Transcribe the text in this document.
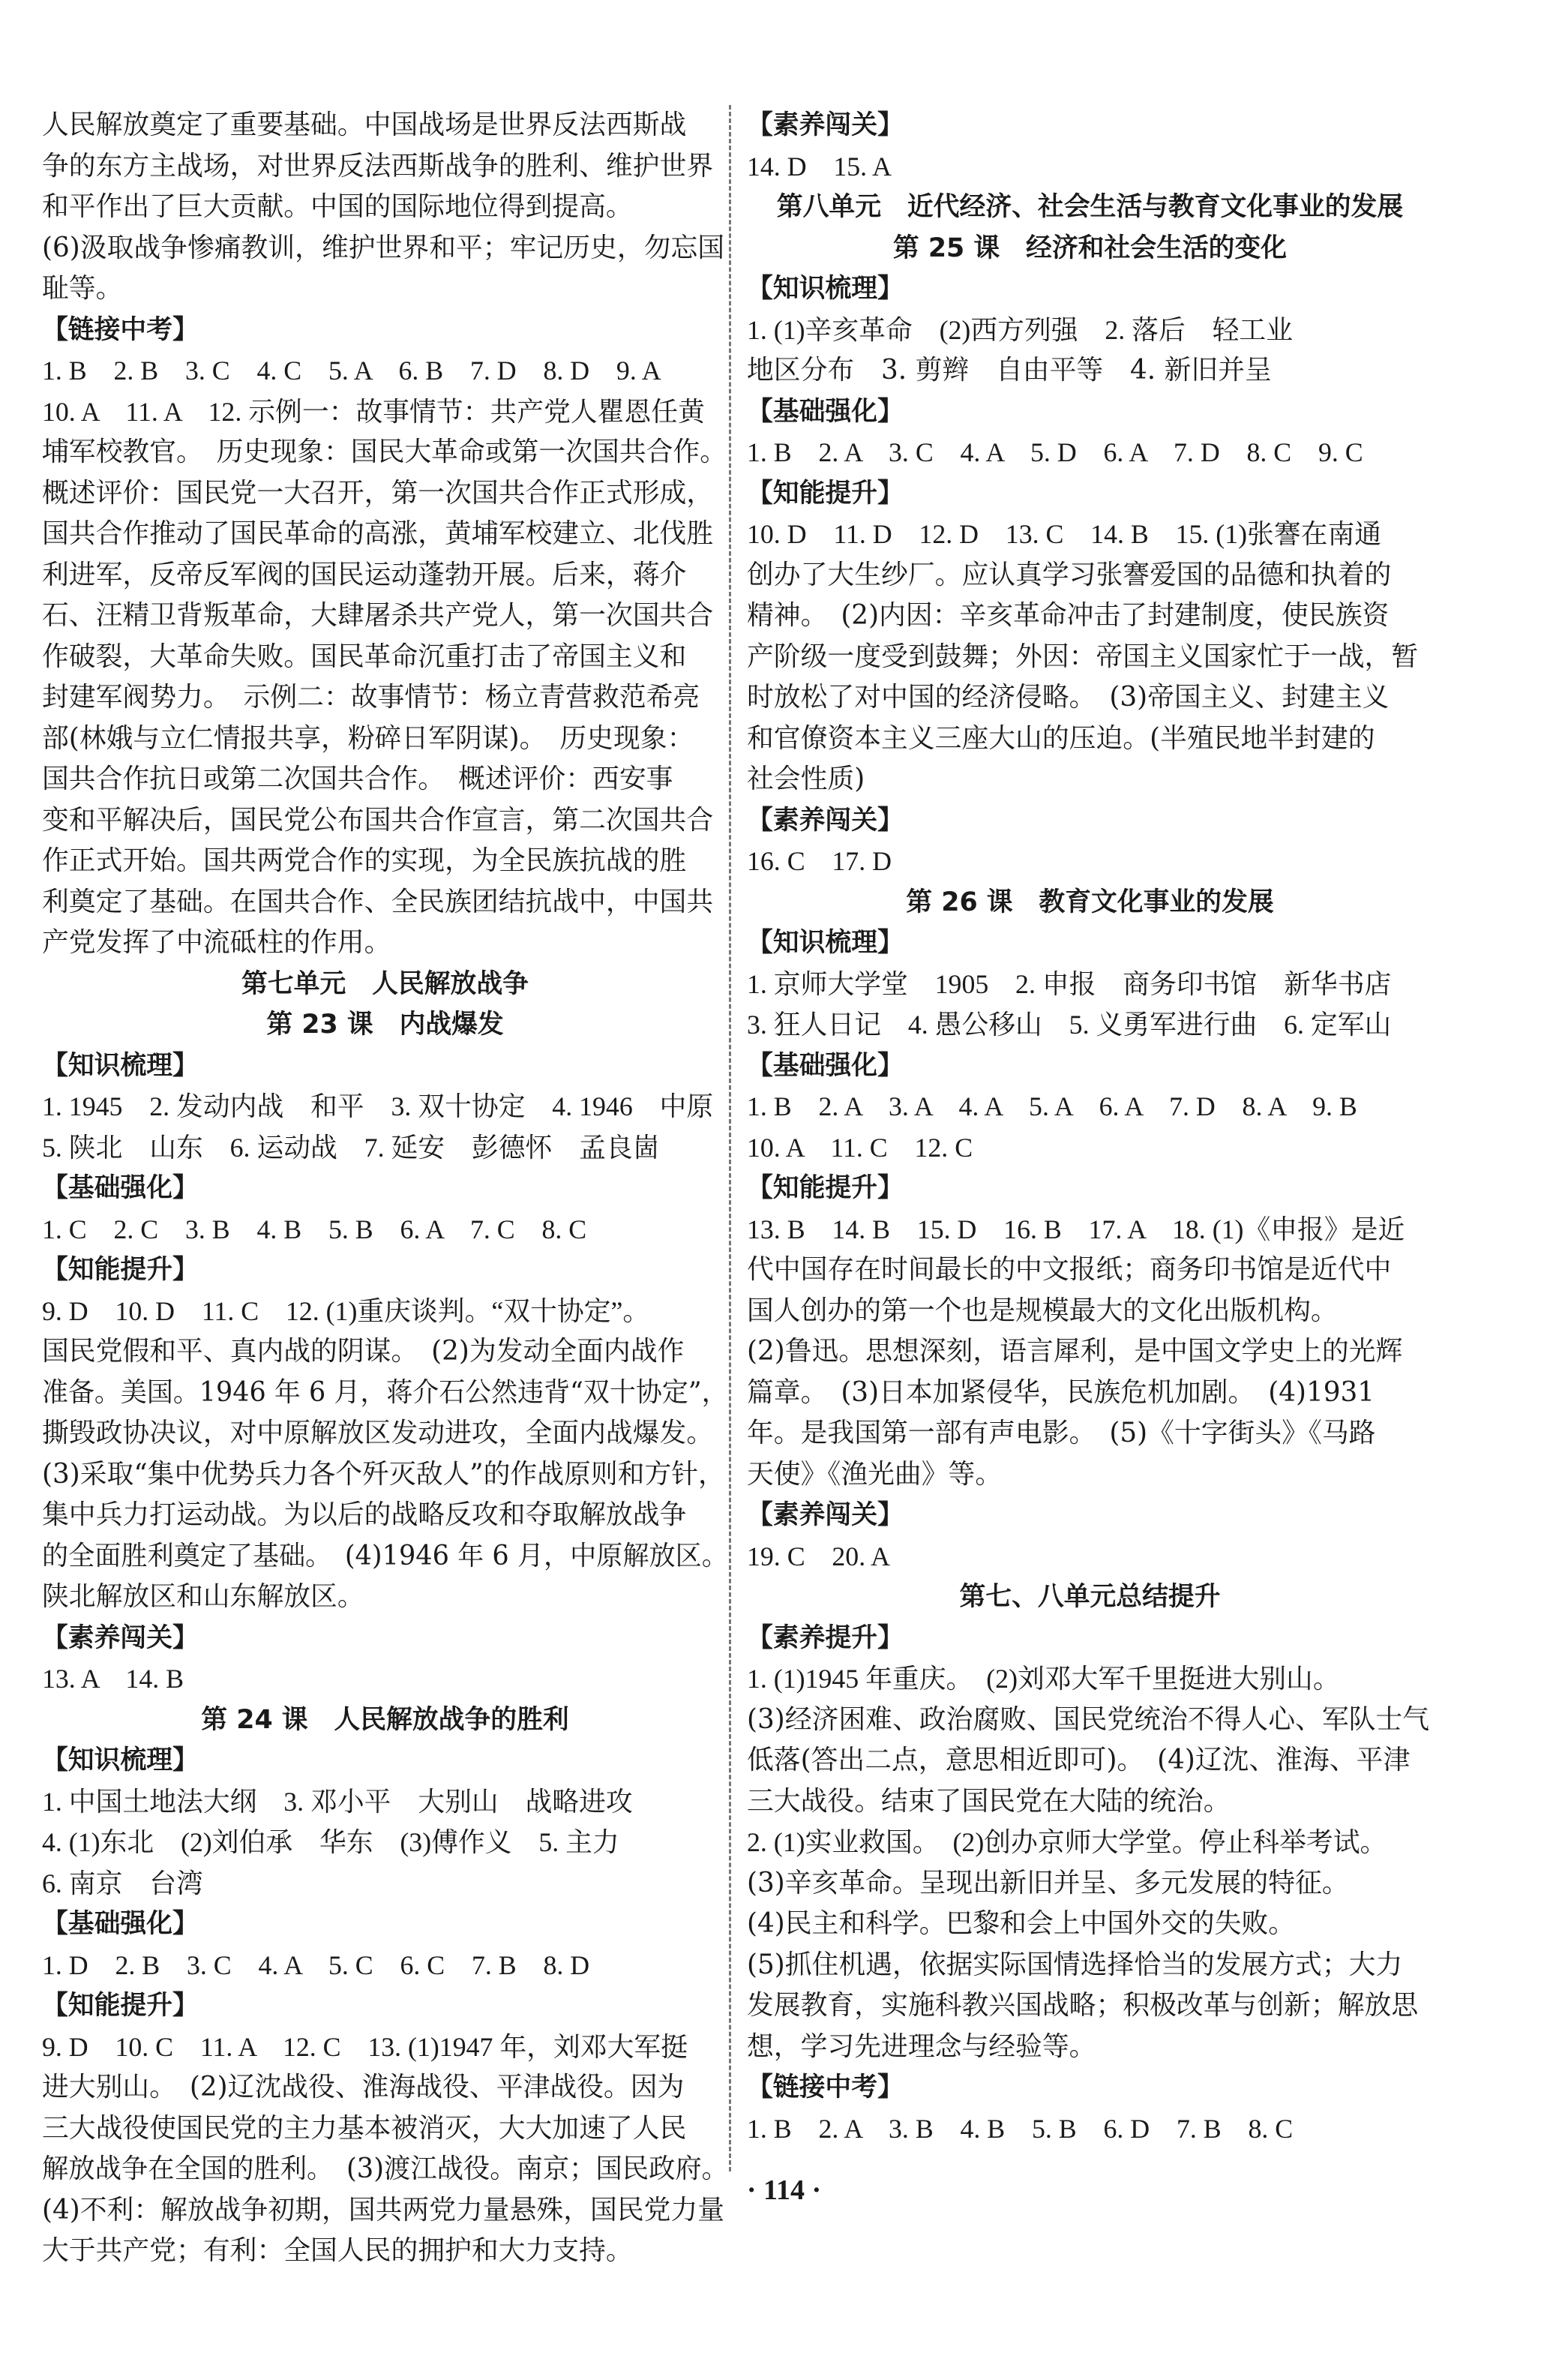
人民解放奠定了重要基础。中国战场是世界反法西斯战
争的东方主战场，对世界反法西斯战争的胜利、维护世界
和平作出了巨大贡献。中国的国际地位得到提高。
(6)汲取战争惨痛教训，维护世界和平；牢记历史，勿忘国
耻等。
【链接中考】
1. B　2. B　3. C　4. C　5. A　6. B　7. D　8. D　9. A
10. A　11. A　12. 示例一：故事情节：共产党人瞿恩任黄
埔军校教官。　历史现象：国民大革命或第一次国共合作。
概述评价：国民党一大召开，第一次国共合作正式形成，
国共合作推动了国民革命的高涨，黄埔军校建立、北伐胜
利进军，反帝反军阀的国民运动蓬勃开展。后来，蒋介
石、汪精卫背叛革命，大肆屠杀共产党人，第一次国共合
作破裂，大革命失败。国民革命沉重打击了帝国主义和
封建军阀势力。　示例二：故事情节：杨立青营救范希亮
部(林娥与立仁情报共享，粉碎日军阴谋)。　历史现象：
国共合作抗日或第二次国共合作。　概述评价：西安事
变和平解决后，国民党公布国共合作宣言，第二次国共合
作正式开始。国共两党合作的实现，为全民族抗战的胜
利奠定了基础。在国共合作、全民族团结抗战中，中国共
产党发挥了中流砥柱的作用。
第七单元　人民解放战争
第 23 课　内战爆发
【知识梳理】
1. 1945　2. 发动内战　和平　3. 双十协定　4. 1946　中原
5. 陕北　山东　6. 运动战　7. 延安　彭德怀　孟良崮
【基础强化】
1. C　2. C　3. B　4. B　5. B　6. A　7. C　8. C
【知能提升】
9. D　10. D　11. C　12. (1)重庆谈判。“双十协定”。
国民党假和平、真内战的阴谋。　(2)为发动全面内战作
准备。美国。1946 年 6 月，蒋介石公然违背“双十协定”，
撕毁政协决议，对中原解放区发动进攻，全面内战爆发。
(3)采取“集中优势兵力各个歼灭敌人”的作战原则和方针，
集中兵力打运动战。为以后的战略反攻和夺取解放战争
的全面胜利奠定了基础。　(4)1946 年 6 月，中原解放区。
陕北解放区和山东解放区。
【素养闯关】
13. A　14. B
第 24 课　人民解放战争的胜利
【知识梳理】
1. 中国土地法大纲　3. 邓小平　大别山　战略进攻
4. (1)东北　(2)刘伯承　华东　(3)傅作义　5. 主力
6. 南京　台湾
【基础强化】
1. D　2. B　3. C　4. A　5. C　6. C　7. B　8. D
【知能提升】
9. D　10. C　11. A　12. C　13. (1)1947 年，刘邓大军挺
进大别山。　(2)辽沈战役、淮海战役、平津战役。因为
三大战役使国民党的主力基本被消灭，大大加速了人民
解放战争在全国的胜利。　(3)渡江战役。南京；国民政府。
(4)不利：解放战争初期，国共两党力量悬殊，国民党力量
大于共产党；有利：全国人民的拥护和大力支持。
【素养闯关】
14. D　15. A
第八单元　近代经济、社会生活与教育文化事业的发展
第 25 课　经济和社会生活的变化
【知识梳理】
1. (1)辛亥革命　(2)西方列强　2. 落后　轻工业
地区分布　3. 剪辫　自由平等　4. 新旧并呈
【基础强化】
1. B　2. A　3. C　4. A　5. D　6. A　7. D　8. C　9. C
【知能提升】
10. D　11. D　12. D　13. C　14. B　15. (1)张謇在南通
创办了大生纱厂。应认真学习张謇爱国的品德和执着的
精神。　(2)内因：辛亥革命冲击了封建制度，使民族资
产阶级一度受到鼓舞；外因：帝国主义国家忙于一战，暂
时放松了对中国的经济侵略。　(3)帝国主义、封建主义
和官僚资本主义三座大山的压迫。(半殖民地半封建的
社会性质)
【素养闯关】
16. C　17. D
第 26 课　教育文化事业的发展
【知识梳理】
1. 京师大学堂　1905　2. 申报　商务印书馆　新华书店
3. 狂人日记　4. 愚公移山　5. 义勇军进行曲　6. 定军山
【基础强化】
1. B　2. A　3. A　4. A　5. A　6. A　7. D　8. A　9. B
10. A　11. C　12. C
【知能提升】
13. B　14. B　15. D　16. B　17. A　18. (1)《申报》是近
代中国存在时间最长的中文报纸；商务印书馆是近代中
国人创办的第一个也是规模最大的文化出版机构。
(2)鲁迅。思想深刻，语言犀利，是中国文学史上的光辉
篇章。　(3)日本加紧侵华，民族危机加剧。　(4)1931
年。是我国第一部有声电影。　(5)《十字街头》《马路
天使》《渔光曲》等。
【素养闯关】
19. C　20. A
第七、八单元总结提升
【素养提升】
1. (1)1945 年重庆。　(2)刘邓大军千里挺进大别山。
(3)经济困难、政治腐败、国民党统治不得人心、军队士气
低落(答出二点，意思相近即可)。　(4)辽沈、淮海、平津
三大战役。结束了国民党在大陆的统治。
2. (1)实业救国。　(2)创办京师大学堂。停止科举考试。
(3)辛亥革命。呈现出新旧并呈、多元发展的特征。
(4)民主和科学。巴黎和会上中国外交的失败。
(5)抓住机遇，依据实际国情选择恰当的发展方式；大力
发展教育，实施科教兴国战略；积极改革与创新；解放思
想，学习先进理念与经验等。
【链接中考】
1. B　2. A　3. B　4. B　5. B　6. D　7. B　8. C
· 114 ·
